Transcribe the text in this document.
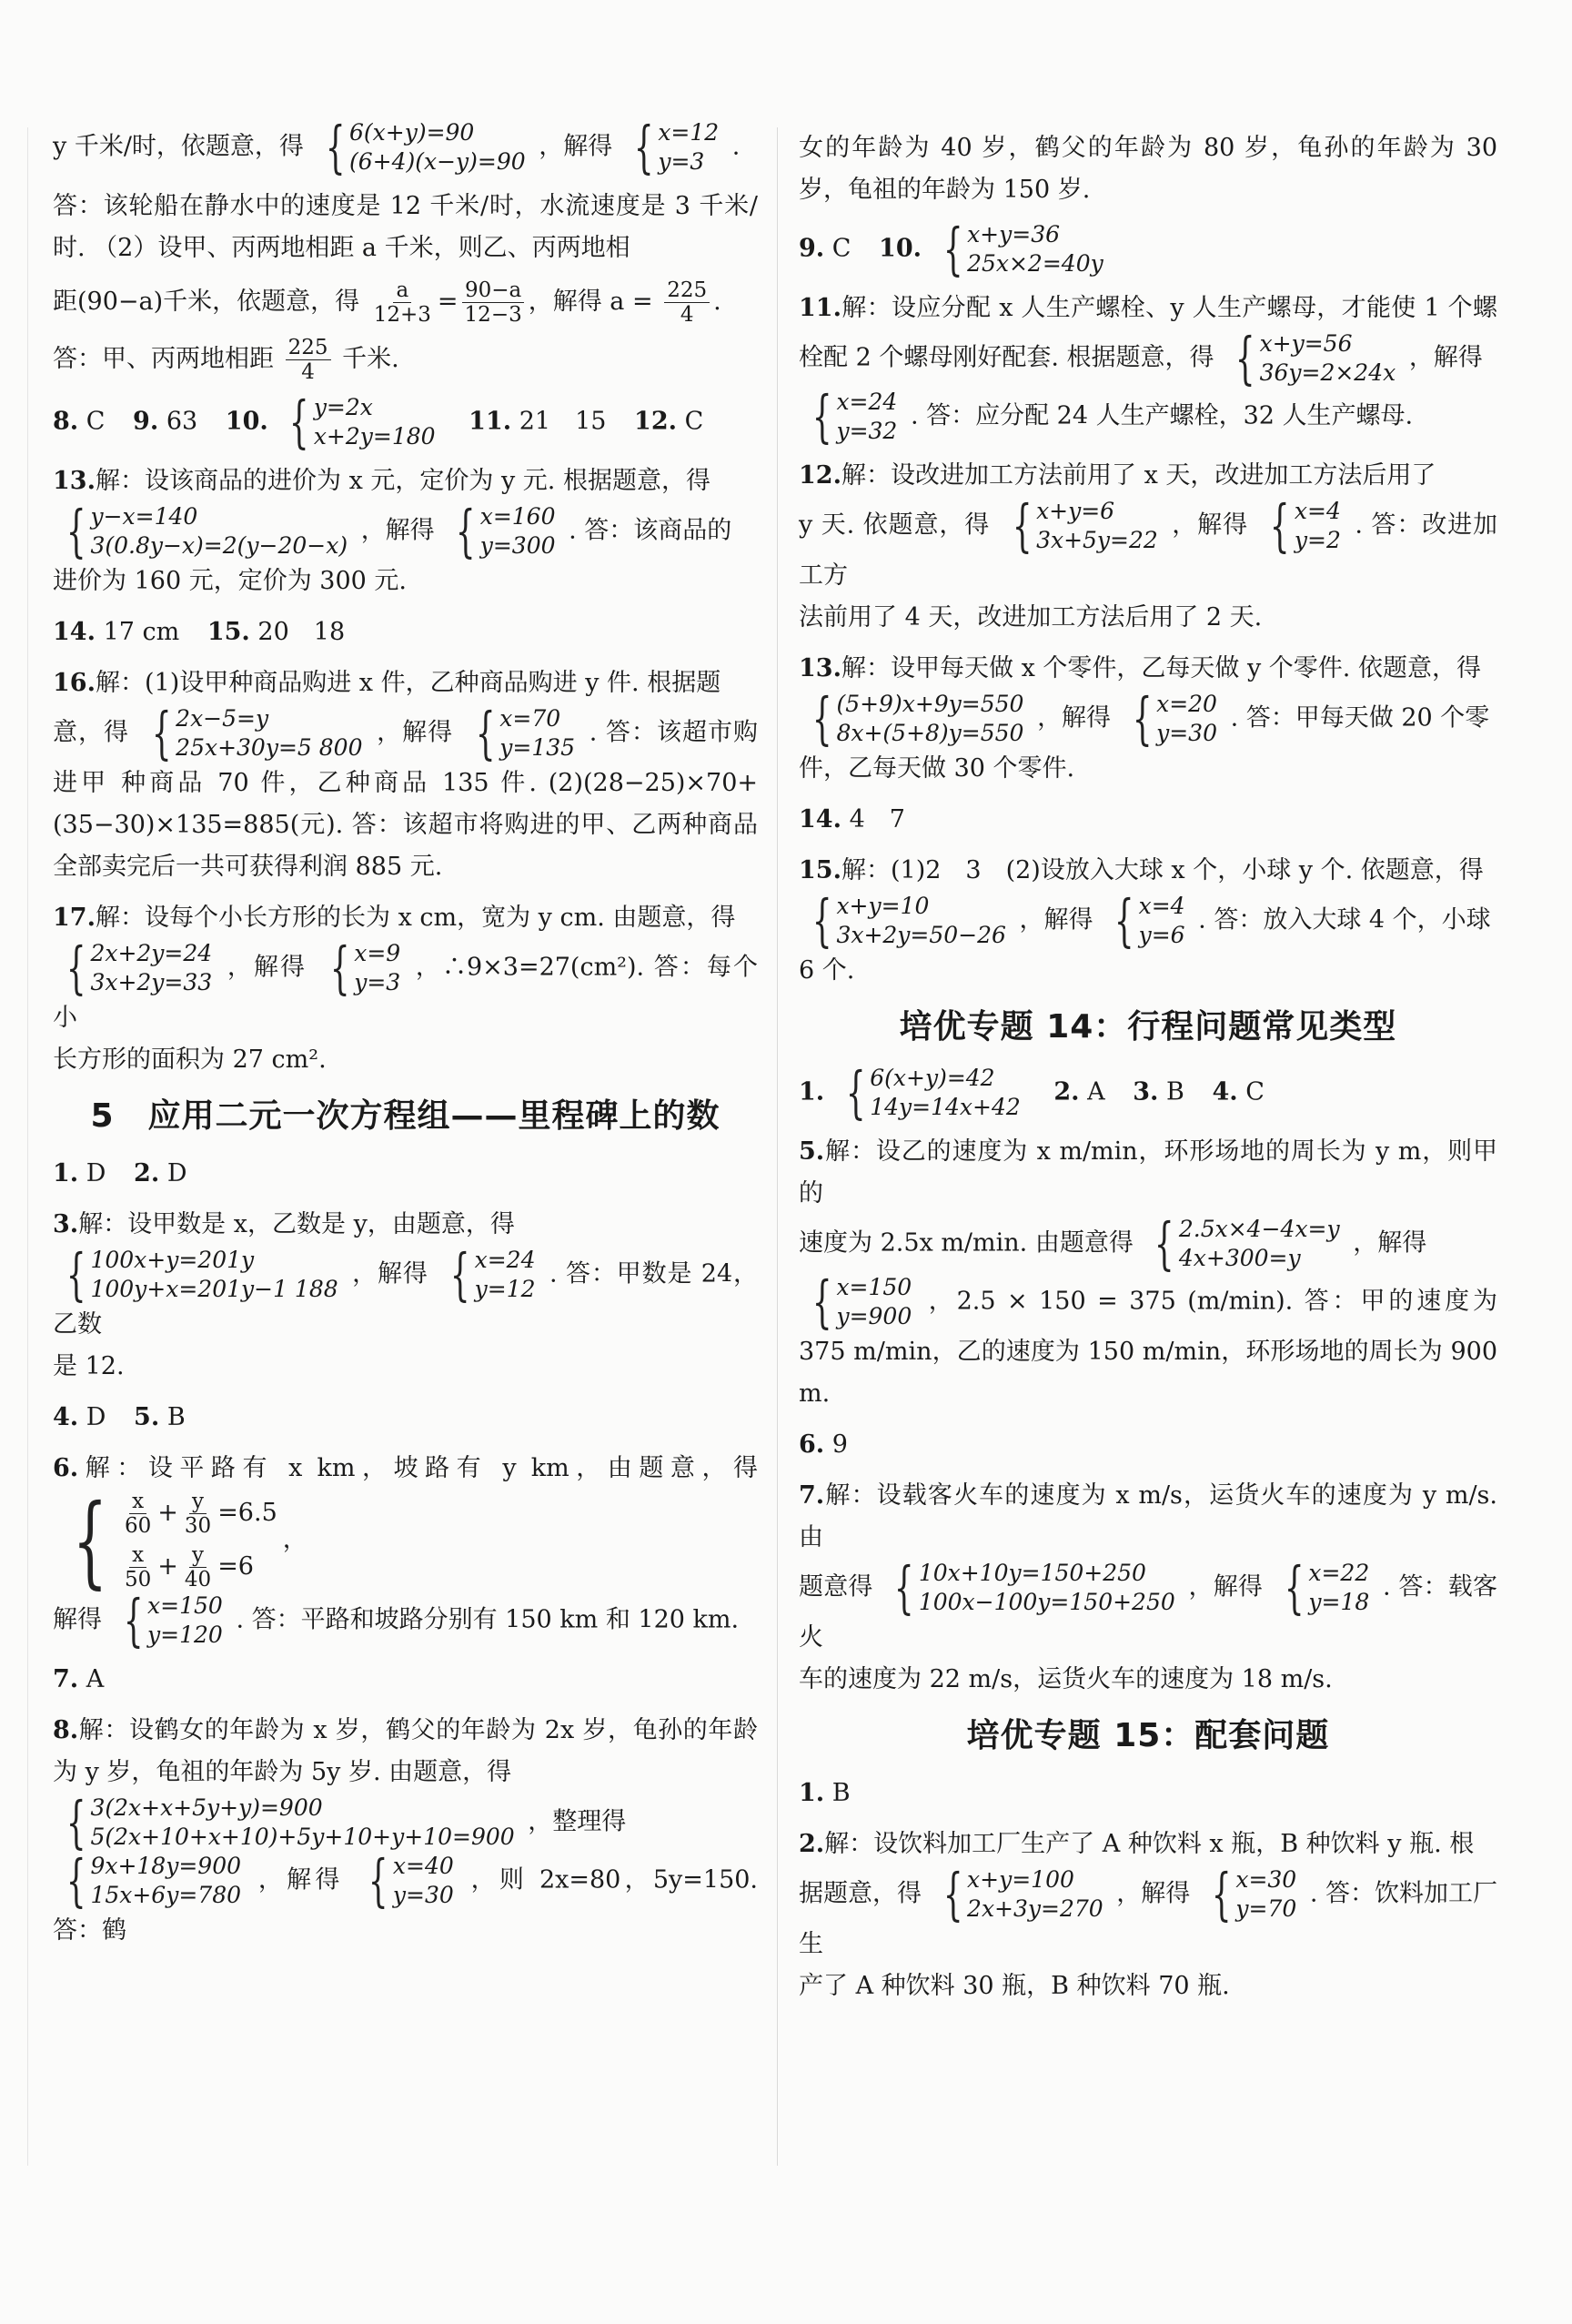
y 千米/时，依题意，得 { 6(x+y)=90
(6+4)(x−y)=90
，解得 { x=12
y=3
.
答：该轮船在静水中的速度是 12 千米/时，水流速度是 3 千米/时. （2）设甲、丙两地相距 a 千米，则乙、丙两地相
距(90−a)千米，依题意，得 $\frac{a}{12+3} = \frac{90-a}{12-3}$ ，解得 $a = \frac{225}{4}$ .
答：甲、丙两地相距 $\frac{225}{4}$ 千米.
8. C 9. 63 10. { y=2x
x+2y=180
11. 21　15 12. C
13.解：设该商品的进价为 x 元，定价为 y 元. 根据题意，得

{ y−x=140
3(0.8y−x)=2(y−20−x)
，解得 { x=160
y=300
. 答：该商品的
进价为 160 元，定价为 300 元.
14. 17 cm 15. 20　18
16.解：(1)设甲种商品购进 x 件，乙种商品购进 y 件. 根据题
意，得 { 2x−5=y
25x+30y=5 800
，解得 { x=70
y=135
. 答：该超市购进甲 种商品 70 件，乙种商品 135 件. (2)(28−25)×70+(35−30)×135=885(元). 答：该超市将购进的甲、乙两种商品全部卖完后一共可获得利润 885 元.
17.解：设每个小长方形的长为 x cm，宽为 y cm. 由题意，得

{ 2x+2y=24
3x+2y=33
，解得 { x=9
y=3
，∴9×3=27(cm²). 答：每个小
长方形的面积为 27 cm².
5　应用二元一次方程组——里程碑上的数
1. D 2. D
3.解：设甲数是 x，乙数是 y，由题意，得

{ 100x+y=201y
100y+x=201y−1 188
，解得 { x=24
y=12
. 答：甲数是 24，乙数
是 12.
4. D 5. B
6.解：设平路有 x km，坡路有 y km，由题意，得
{ $\frac{x}{60} + \frac{y}{30} =6.5$
$\frac{x}{50} + \frac{y}{40} =6$
，
解得 { x=150
y=120
. 答：平路和坡路分别有 150 km 和 120 km.
7. A
8.解：设鹤女的年龄为 x 岁，鹤父的年龄为 2x 岁，龟孙的年龄为 y 岁，龟祖的年龄为 5y 岁. 由题意，得

{ 3(2x+x+5y+y)=900
5(2x+10+x+10)+5y+10+y+10=900
，整理得

{ 9x+18y=900
15x+6y=780
，解得 { x=40
y=30
，则 2x=80，5y=150. 答：鹤
女的年龄为 40 岁，鹤父的年龄为 80 岁，龟孙的年龄为 30 岁，龟祖的年龄为 150 岁.
9. C 10. { x+y=36
25x×2=40y
11.解：设应分配 x 人生产螺栓、y 人生产螺母，才能使 1 个螺栓配 2 个螺母刚好配套. 根据题意，得 { x+y=56
36y=2×24x
，解得

{ x=24
y=32
. 答：应分配 24 人生产螺栓，32 人生产螺母.
12.解：设改进加工方法前用了 x 天，改进加工方法后用了
y 天. 依题意，得 { x+y=6
3x+5y=22
，解得 { x=4
y=2
. 答：改进加工方
法前用了 4 天，改进加工方法后用了 2 天.
13.解：设甲每天做 x 个零件，乙每天做 y 个零件. 依题意，得

{ (5+9)x+9y=550
8x+(5+8)y=550
，解得 { x=20
y=30
. 答：甲每天做 20 个零
件，乙每天做 30 个零件.
14. 4　7
15.解：(1)2　3　(2)设放入大球 x 个，小球 y 个. 依题意，得

{ x+y=10
3x+2y=50−26
，解得 { x=4
y=6
. 答：放入大球 4 个，小球
6 个.
培优专题 14：行程问题常见类型
1. { 6(x+y)=42
14y=14x+42
2. A 3. B 4. C
5.解：设乙的速度为 x m/min，环形场地的周长为 y m，则甲的
速度为 2.5x m/min. 由题意得 { 2.5x×4−4x=y
4x+300=y
，解得

{ x=150
y=900
，2.5 × 150 = 375 (m/min). 答：甲的速度为 375 m/min，乙的速度为 150 m/min，环形场地的周长为 900 m.
6. 9
7.解：设载客火车的速度为 x m/s，运货火车的速度为 y m/s. 由
题意得 { 10x+10y=150+250
100x−100y=150+250
，解得 { x=22
y=18
. 答：载客火
车的速度为 22 m/s，运货火车的速度为 18 m/s.
培优专题 15：配套问题
1. B
2.解：设饮料加工厂生产了 A 种饮料 x 瓶，B 种饮料 y 瓶. 根
据题意，得 { x+y=100
2x+3y=270
，解得 { x=30
y=70
. 答：饮料加工厂生
产了 A 种饮料 30 瓶，B 种饮料 70 瓶.
